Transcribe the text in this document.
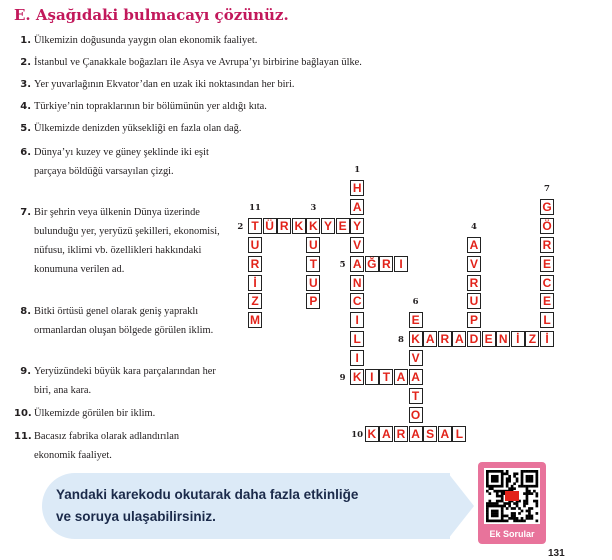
E. Aşağıdaki bulmacayı çözünüz.
1. Ülkemizin doğusunda yaygın olan ekonomik faaliyet.
2. İstanbul ve Çanakkale boğazları ile Asya ve Avrupa’yı birbirine bağlayan ülke.
3. Yer yuvarlağının Ekvator’dan en uzak iki noktasından her biri.
4. Türkiye’nin topraklarının bir bölümünün yer aldığı kıta.
5. Ülkemizde denizden yüksekliği en fazla olan dağ.
6. Dünya’yı kuzey ve güney şeklinde iki eşit parçaya böldüğü varsayılan çizgi.
7. Bir şehrin veya ülkenin Dünya üzerinde bulunduğu yer, yeryüzü şekilleri, ekonomisi, nüfusu, iklimi vb. özellikleri hakkındaki konumuna verilen ad.
8. Bitki örtüsü genel olarak geniş yapraklı ormanlardan oluşan bölgede görülen iklim.
9. Yeryüzündeki büyük kara parçalarından her biri, ana kara.
10. Ülkemizde görülen bir iklim.
11. Bacasız fabrika olarak adlandırılan ekonomik faaliyet.
H
A
Y
V
A
N
C
I
L
I
K
T Ü R K K Y E
U
T
U
P
A
V
R
U
P
D
Ğ R I
E
K
V
A
T
O
A
G
Ö
R
E
C
E
L
İ
A R A E N İ Z
I T A
K A R S A L
U
R
İ
Z
M
1
2
3
4
5
6
7
8
9
10
11
Yandaki karekodu okutarak daha fazla etkinliğe
ve soruya ulaşabilirsiniz.
Ek Sorular
131
